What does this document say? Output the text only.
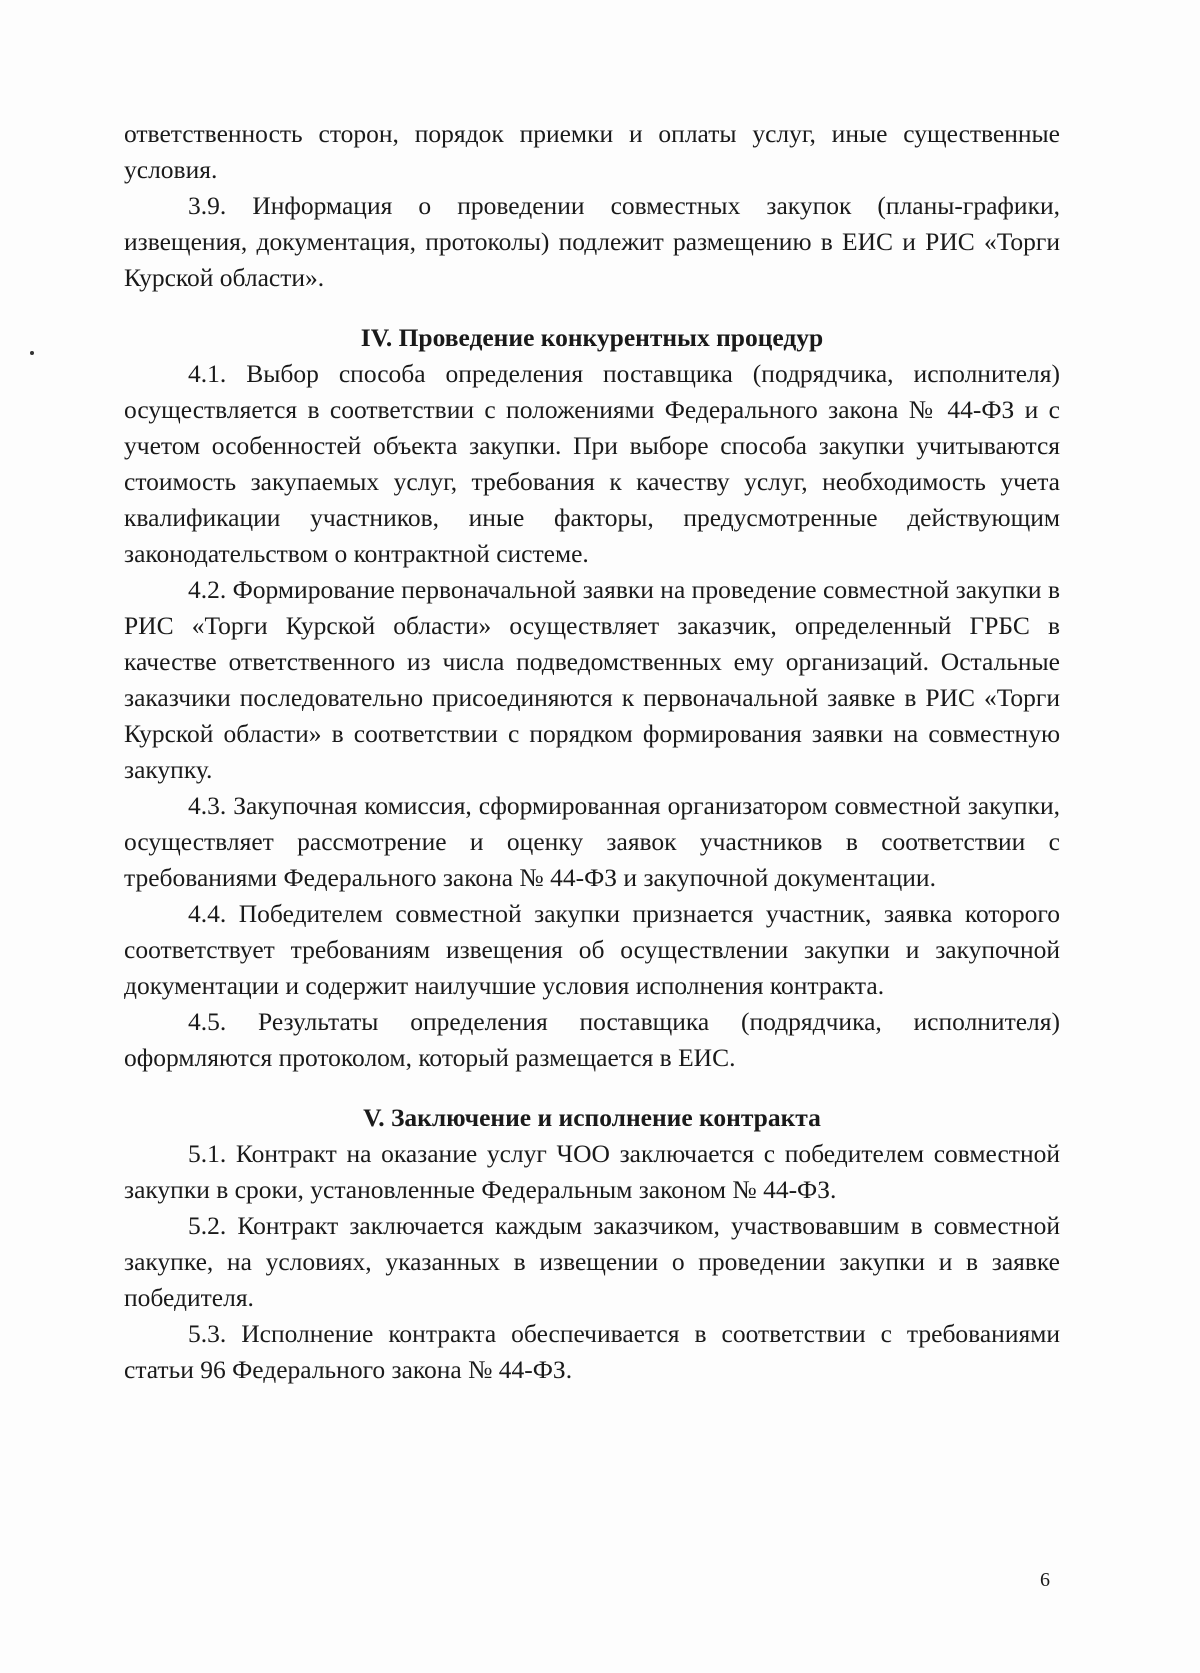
ответственность сторон, порядок приемки и оплаты услуг, иные существенные условия.

3.9. Информация о проведении совместных закупок (планы-графики, извещения, документация, протоколы) подлежит размещению в ЕИС и РИС «Торги Курской области».

IV. Проведение конкурентных процедур

4.1. Выбор способа определения поставщика (подрядчика, исполнителя) осуществляется в соответствии с положениями Федерального закона № 44-ФЗ и с учетом особенностей объекта закупки. При выборе способа закупки учитываются стоимость закупаемых услуг, требования к качеству услуг, необходимость учета квалификации участников, иные факторы, предусмотренные действующим законодательством о контрактной системе.

4.2. Формирование первоначальной заявки на проведение совместной закупки в РИС «Торги Курской области» осуществляет заказчик, определенный ГРБС в качестве ответственного из числа подведомственных ему организаций. Остальные заказчики последовательно присоединяются к первоначальной заявке в РИС «Торги Курской области» в соответствии с порядком формирования заявки на совместную закупку.

4.3. Закупочная комиссия, сформированная организатором совместной закупки, осуществляет рассмотрение и оценку заявок участников в соответствии с требованиями Федерального закона № 44-ФЗ и закупочной документации.

4.4. Победителем совместной закупки признается участник, заявка которого соответствует требованиям извещения об осуществлении закупки и закупочной документации и содержит наилучшие условия исполнения контракта.

4.5. Результаты определения поставщика (подрядчика, исполнителя) оформляются протоколом, который размещается в ЕИС.

V. Заключение и исполнение контракта

5.1. Контракт на оказание услуг ЧОО заключается с победителем совместной закупки в сроки, установленные Федеральным законом № 44-ФЗ.

5.2. Контракт заключается каждым заказчиком, участвовавшим в совместной закупке, на условиях, указанных в извещении о проведении закупки и в заявке победителя.

5.3. Исполнение контракта обеспечивается в соответствии с требованиями статьи 96 Федерального закона № 44-ФЗ.

6
